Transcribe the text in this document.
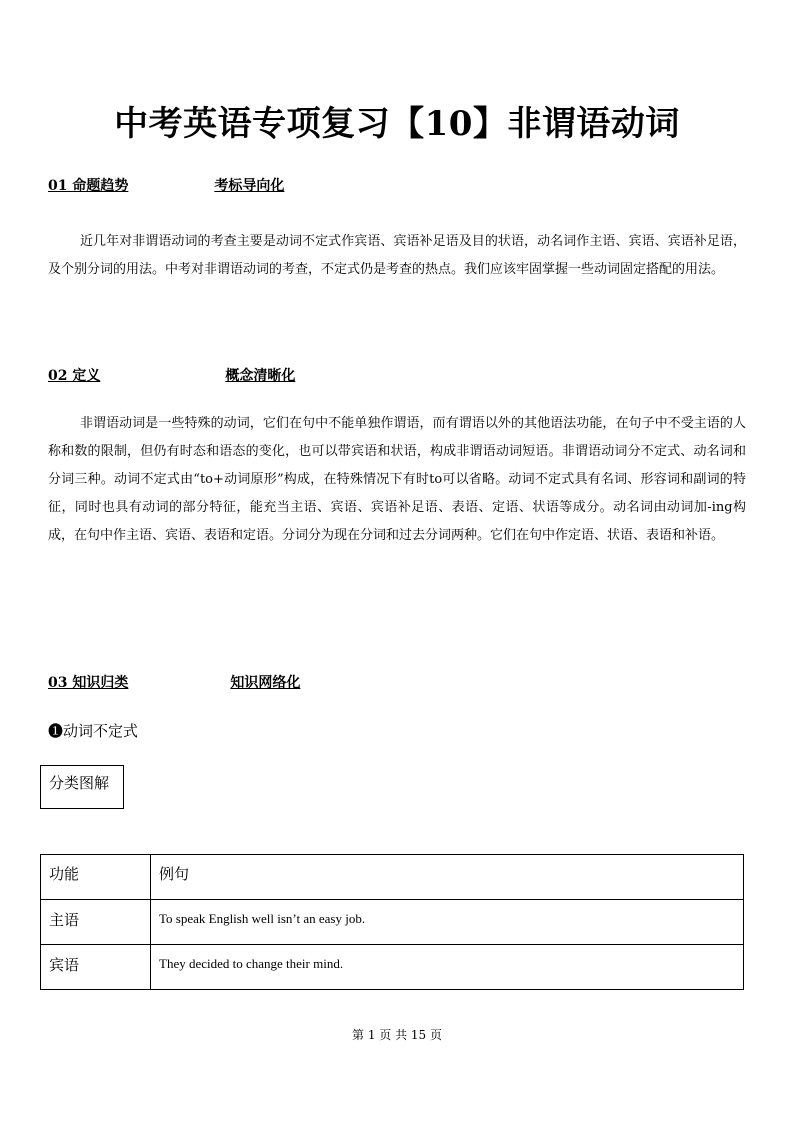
中考英语专项复习【10】非谓语动词
01 命题趋势	考标导向化
近几年对非谓语动词的考查主要是动词不定式作宾语、宾语补足语及目的状语，动名词作主语、宾语、宾语补足语，及个别分词的用法。中考对非谓语动词的考查，不定式仍是考查的热点。我们应该牢固掌握一些动词固定搭配的用法。
02 定义	概念清晰化
非谓语动词是一些特殊的动词，它们在句中不能单独作谓语，而有谓语以外的其他语法功能，在句子中不受主语的人称和数的限制，但仍有时态和语态的变化，也可以带宾语和状语，构成非谓语动词短语。非谓语动词分不定式、动名词和分词三种。动词不定式由“to+动词原形”构成，在特殊情况下有时to可以省略。动词不定式具有名词、形容词和副词的特征，同时也具有动词的部分特征，能充当主语、宾语、宾语补足语、表语、定语、状语等成分。动名词由动词加-ing构成，在句中作主语、宾语、表语和定语。分词分为现在分词和过去分词两种。它们在句中作定语、状语、表语和补语。
03 知识归类	知识网络化
❶动词不定式
分类图解
功能	例句
主语	To speak English well isn’t an easy job.
宾语	They decided to change their mind.
第 1 页 共 15 页
